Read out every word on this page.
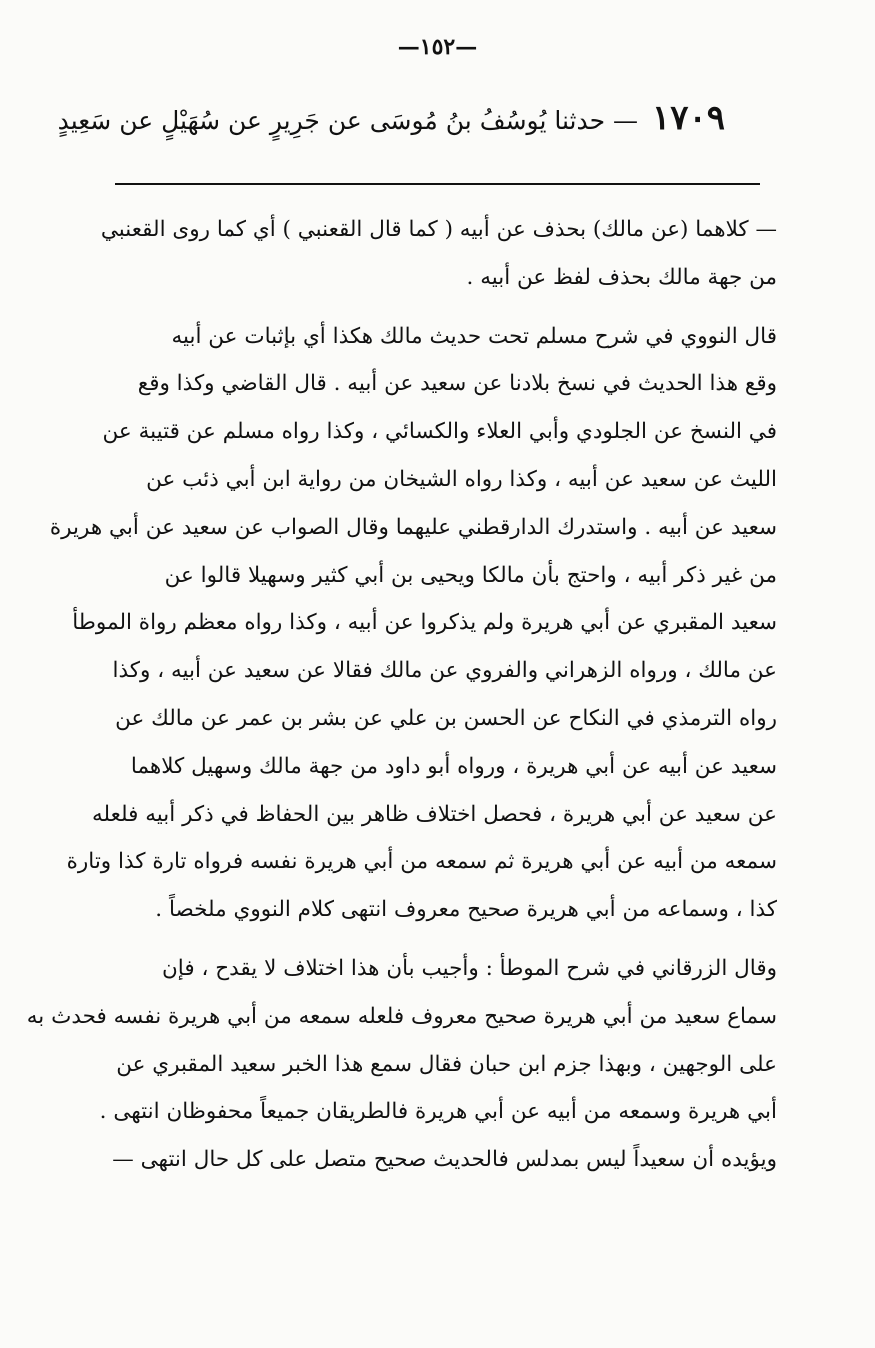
—١٥٢—
١٧٠٩ — حدثنا يُوسُفُ بنُ مُوسَى عن جَرِيرٍ عن سُهَيْلٍ عن سَعِيدٍ
— كلاهما (عن مالك) بحذف عن أبيه ( كما قال القعنبي ) أي كما روى القعنبي
من جهة مالك بحذف لفظ عن أبيه .
قال النووي في شرح مسلم تحت حديث مالك هكذا أي بإثبات عن أبيه
وقع هذا الحديث في نسخ بلادنا عن سعيد عن أبيه . قال القاضي وكذا وقع
في النسخ عن الجلودي وأبي العلاء والكسائي ، وكذا رواه مسلم عن قتيبة عن
الليث عن سعيد عن أبيه ، وكذا رواه الشيخان من رواية ابن أبي ذئب عن
سعيد عن أبيه . واستدرك الدارقطني عليهما وقال الصواب عن سعيد عن أبي هريرة
من غير ذكر أبيه ، واحتج بأن مالكا ويحيى بن أبي كثير وسهيلا قالوا عن
سعيد المقبري عن أبي هريرة ولم يذكروا عن أبيه ، وكذا رواه معظم رواة الموطأ
عن مالك ، ورواه الزهراني والفروي عن مالك فقالا عن سعيد عن أبيه ، وكذا
رواه الترمذي في النكاح عن الحسن بن علي عن بشر بن عمر عن مالك عن
سعيد عن أبيه عن أبي هريرة ، ورواه أبو داود من جهة مالك وسهيل كلاهما
عن سعيد عن أبي هريرة ، فحصل اختلاف ظاهر بين الحفاظ في ذكر أبيه فلعله
سمعه من أبيه عن أبي هريرة ثم سمعه من أبي هريرة نفسه فرواه تارة كذا وتارة
كذا ، وسماعه من أبي هريرة صحيح معروف انتهى كلام النووي ملخصاً .
وقال الزرقاني في شرح الموطأ : وأجيب بأن هذا اختلاف لا يقدح ، فإن
سماع سعيد من أبي هريرة صحيح معروف فلعله سمعه من أبي هريرة نفسه فحدث به
على الوجهين ، وبهذا جزم ابن حبان فقال سمع هذا الخبر سعيد المقبري عن
أبي هريرة وسمعه من أبيه عن أبي هريرة فالطريقان جميعاً محفوظان انتهى .
ويؤيده أن سعيداً ليس بمدلس فالحديث صحيح متصل على كل حال انتهى —
